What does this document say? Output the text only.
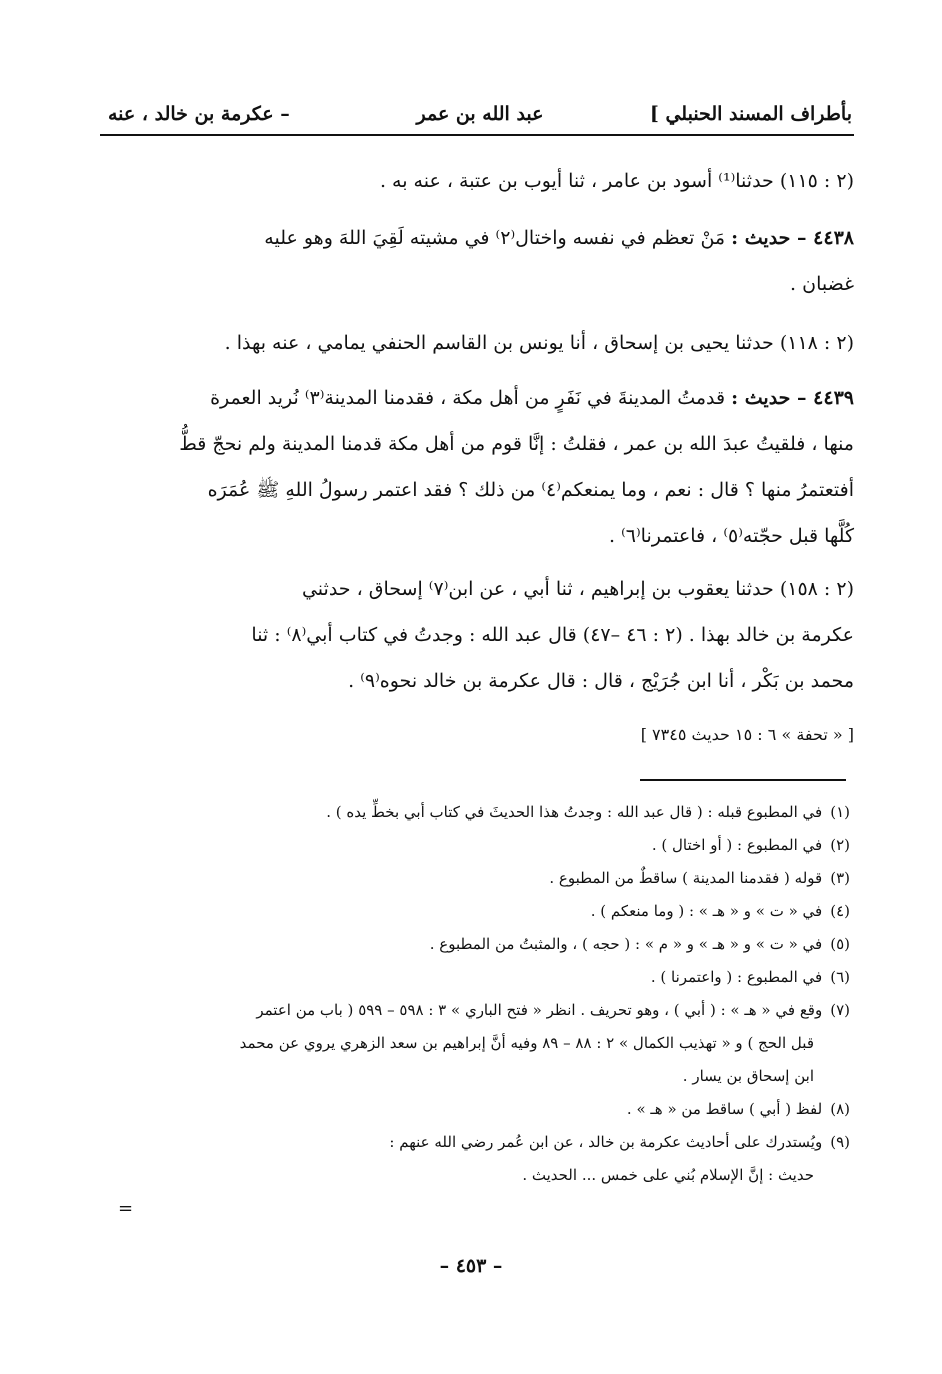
بأطراف المسند الحنبلي ]
عبد الله بن عمر
– عكرمة بن خالد ، عنه

(٢ : ١١٥) حدثنا⁽¹⁾ أسود بن عامر ، ثنا أيوب بن عتبة ، عنه به .

٤٤٣٨ – حديث : مَنْ تعظم في نفسه واختال⁽٢⁾ في مشيته لَقِيَ اللهَ وهو عليه

غضبان .

(٢ : ١١٨) حدثنا يحيى بن إسحاق ، أنا يونس بن القاسم الحنفي يمامي ، عنه بهذا .

٤٤٣٩ – حديث : قدمتُ المدينةَ في نَفَرٍ من أهل مكة ، فقدمنا المدينة⁽٣⁾ نُريد العمرة

منها ، فلقيتُ عبدَ الله بن عمر ، فقلتُ : إنَّا قوم من أهل مكة قدمنا المدينة ولم نحجّ قطُّ

أفتعتمرُ منها ؟ قال : نعم ، وما يمنعكم⁽٤⁾ من ذلك ؟ فقد اعتمر رسولُ اللهِ ﷺ عُمَرَه

كُلَّها قبل حجّته⁽٥⁾ ، فاعتمرنا⁽٦⁾ .

(٢ : ١٥٨) حدثنا يعقوب بن إبراهيم ، ثنا أبي ، عن ابن⁽٧⁾ إسحاق ، حدثني

عكرمة بن خالد بهذا . (٢ : ٤٦ –٤٧) قال عبد الله : وجدتُ في كتاب أبي⁽٨⁾ : ثنا

محمد بن بَكْر ، أنا ابن جُرَيْج ، قال : قال عكرمة بن خالد نحوه⁽٩⁾ .

[ « تحفة » ٦ : ١٥ حديث ٧٣٤٥ ]

(١)
في المطبوع قبله : ( قال عبد الله : وجدتُ هذا الحديثَ في كتاب أبي بخطِّ يده ) .
(٢)
في المطبوع : ( أو اختال ) .
(٣)
قوله ( فقدمنا المدينة ) ساقطٌ من المطبوع .
(٤)
في « ت » و « هـ » : ( وما منعكم ) .
(٥)
في « ت » و « هـ » و « م » : ( حجه ) ، والمثبتُ من المطبوع .
(٦)
في المطبوع : ( واعتمرنا ) .
(٧)
وقع في « هـ » : ( أبي ) ، وهو تحريف . انظر « فتح الباري » ٣ : ٥٩٨ – ٥٩٩ ( باب من اعتمر
قبل الحج ) و « تهذيب الكمال » ٢ : ٨٨ – ٨٩ وفيه أنَّ إبراهيم بن سعد الزهري يروي عن محمد
ابن إسحاق بن يسار .
(٨)
لفظ ( أبي ) ساقط من « هـ » .
(٩)
ويُستدرك على أحاديث عكرمة بن خالد ، عن ابن عُمر رضي الله عنهم :
حديث : إنَّ الإسلام بُني على خمس ... الحديث .
=
– ٤٥٣ –
